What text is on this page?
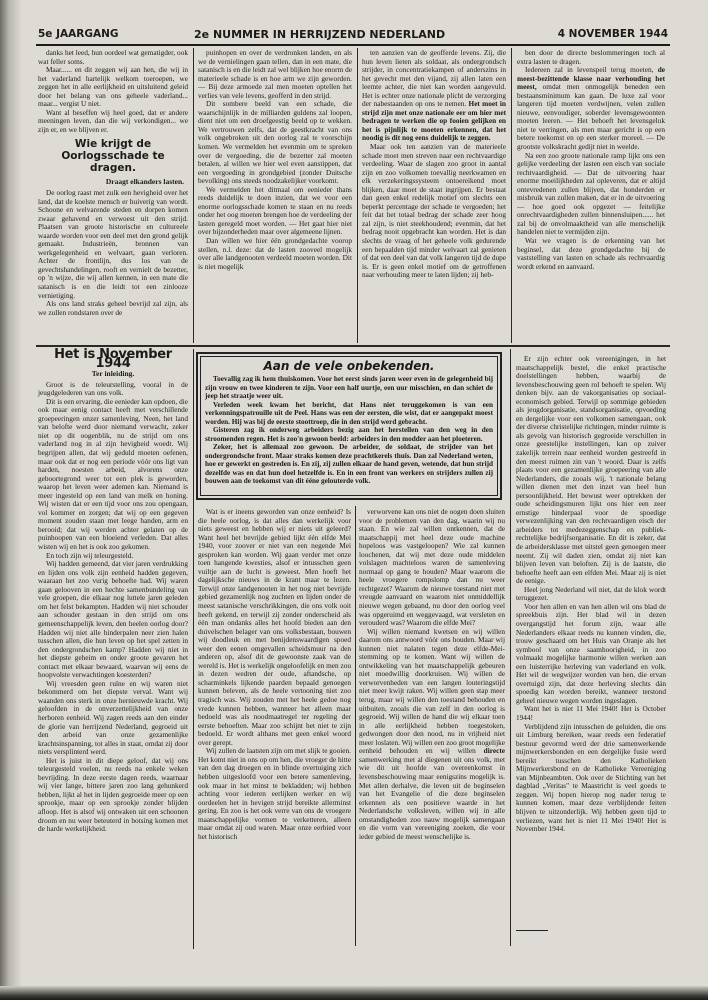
5e JAARGANG	2e NUMMER IN HERRIJZEND NEDERLAND	4 NOVEMBER 1944

danks het leed, hun oordeel wat gematigder, ook wat feller soms.

Maar...... en dit zeggen wij aan hen, die wij in het vaderland hartelijk welkom toeroepen, we zeggen het in alle eerlijkheid en uitsluitend geleid door het belang van ons geheele vaderland... maar... vergist U niet.

Want al beseffen wij heel goed, dat er andere meeningen leven, dan die wij verkondigen... we zijn er, en we blijven er.

Wie krijgt de Oorlogsschade te dragen.
Draagt elkanders lasten.

De oorlog raast met zulk een hevigheid over het land, dat de koelste mensch er huiverig van wordt. Schoone en welvarende steden en dorpen komen zwaar gehavend en verwoest uit den strijd. Plaatsen van groote historische en cultureele waarde worden voor een deel met den grond gelijk gemaakt. Industrieën, bronnen van werkgelegenheid en welvaart, gaan verloren. Achter de frontlijn, dus los van de gevechtshandelingen, rooft en vernielt de bezetter, op 'n wijze, die wij allen kennen, in een mate die satanisch is en die leidt tot een zinlooze vernietiging.

Als ons land straks geheel bevrijd zal zijn, als we zullen rondstaren over de

puinhopen en over de verdronken landen, en als we de vernielingen gaan tellen, dan in een mate, die satanisch is en die leidt zal wel blijken hoe enorm de materieele schade is en hoe arm we zijn geworden. — Bij deze armoede zal men moeten optellen het verlies van vele levens, geofferd in den strijd.

Dit sombere beeld van een schade, die waarschijnlijk in de milliarden guldens zal loopen, dient niet om een droefgeestig beeld op te wekken. We vertrouwen zelfs, dat de geestkracht van ons volk ongebroken uit den oorlog zal te voorschijn komen. We vermelden het evenmin om te spreken over de vergoeding, die de bezetter zal moeten betalen, al willen we hier wel even aanstippen, dat een vergoeding in grondgebied (zonder Duitsche bevolking) ons steeds noodzakelijker voorkomt.

We vermelden het ditmaal om eenieder thans reeds duidelijk te doen inzien, dat we voor een enorme oorlogsschade komen te staan en nu reeds onder het oog moeten brengen hoe de verdeeling der lasten geregeld moet worden. — Het gaat hier niet over bijzonderheden maar over algemeene lijnen.

Dan willen we hier één grondgedachte voorop stellen, n.l. deze: dat de lasten zooveel mogelijk over alle landgenooten verdeeld moeten worden. Dit is niet mogelijk

ten aanzien van de geofferde levens. Zij, die hun leven lieten als soldaat, als ondergrondsch strijder, in concentratiekampen of anderszins in het gevecht met den vijand, zij allen laten een leemte achter, die niet kan worden aangevuld. Het is echter onze nationale plicht de verzorging der nabestaanden op ons te nemen. Het moet in strijd zijn met onze nationale eer om hier met bedragen te werken die op fooien gelijken en het is pijnlijk te moeten erkennen, dat het noodig is dit nog eens duidelijk te zeggen.

Maar ook ten aanzien van de materieele schade moet men streven naar een rechtvaardige verdeeling. Waar de slagen zoo groot in aantal zijn en zoo volkomen toevallig neerkwamen en elk verzekeringssysteem ontoereikend moet blijken, daar moet de staat ingrijpen. Er bestaat dan geen enkel redelijk motief om slechts een beperkt percentage der schade te vergoeden; het feit dat het totaal bedrag der schade zeer hoog zal zijn, is niet steekhoudend; evenmin, dat het bedrag nooit opgebracht kan worden. Het is dan slechts de vraag of het geheele volk gedurende een bepaalden tijd minder welvaart zal genieten of dat een deel van dat volk langeren tijd de dupe is. Er is geen enkel motief om de getroffenen naar verhouding meer te laten lijden; zij heb-

ben door de directe beslommeringen toch al extra lasten te dragen.

Iedereen zal in levenspeil terug moeten, de meest-bezittende klasse naar verhouding het meest, omdat men onmogelijk beneden een bestaansminimum kan gaan. De luxe zal voor langeren tijd moeten verdwijnen, velen zullen nieuwe, eenvoudiger, soberder levensgewoonten moeten leeren. — Het behoeft het levensgeluk niet te verringen, als men maar gericht is op een betere toekomst en op een sterker moreel. — De grootste volkskracht gedijt niet in weelde.

Na een zoo groote nationale ramp lijkt ons een gelijke verdeeling der lasten een eisch van sociale rechtvaardigheid. — Dat de uitvoering haar enorme moeilijkheden zal opleveren, dat er altijd ontevredenen zullen blijven, dat honderden er misbruik van zullen maken, dat er in de uitvoering — hoe goed ook opgezet — feitelijke onrechtvaardigheden zullen binnensluipen...... het zal bij de onvolmaaktheid van alle menschelijk handelen niet te vermijden zijn.

Wat we vragen is de erkenning van het beginsel, dat deze grondgedachte bij de vaststelling van lasten en schade als rechtvaardig wordt erkend en aanvaard.

Het is November 1944
Ter inleiding.

Groot is de teleurstelling, vooral in de jeugdgelederen van ons volk.

Dit is een ervaring, die eenieder kan opdoen, die ook maar eenig contact heeft met verschillende groepeeringen onzer samenleving. Neen, het land van belofte werd door niemand verwacht, zeker niet op dit oogenblik, nu de strijd om ons vaderland nog in al zijn hevigheid woedt. Wij begrijpen allen, dat wij geduld moeten oefenen, maar ook dat er nog een periode vóór ons ligt van harden, noesten arbeid, alvorens onze geboortegrond weer tot een plek is geworden, waarop het leven weer ademen kan. Niemand is meer ingesteld op een land van melk en honing. Wij wisten dat er een tijd voor ons zou opengaan, vol kommer en zorgen; dat wij op een gegeven moment zouden staan met leege handen, arm en berooid; dat wij werden achter gelaten op de puinhoopen van een bloeiend verleden. Dat alles wisten wij en het is ook zoo gekomen.

En toch zijn wij teleurgesteld.

Wij hadden gemeend, dat vier jaren verdrukking en lijden ons volk zijn eenheid hadden gegeven, waaraan het zoo vurig behoefte had. Wij waren gaan gelooven in een hechte samenbundeling van vele groepen, die elkaar nog luttele jaren geleden om het felst bekampten. Hadden wij niet schouder aan schouder gestaan in den strijd om ons gemeenschappelijk leven, den heelen oorlog door? Hadden wij niet alle hinderpalen neer zien halen tusschen allen, die hun leven op het spel zetten in den ondergrondschen kamp? Hadden wij niet in het diepste geheim en onder groote gevaren het contact met elkaar bewaard, waarvan wij eens de hoopvolste verwachtingen koesterden?

Wij vreesden geen ruïne en wij waren niet bekommerd om het diepste verval. Want wij waanden ons sterk in onze hernieuwde kracht. Wij geloofden in de onverzettelijkheid van onze herboren eenheid. Wij zagen reeds aan den einder de glorie van herrijzend Nederland, gegroeid uit den arbeid van onze gezamenlijke krachtsinspanning, tot alles in staat, omdat zij door niets versplinterd werd.

Het is juist in dit diepe geloof, dat wij ons teleurgesteld voelen, nu reeds na enkele weken bevrijding. In deze eerste dagen reeds, waarnaar wij vier lange, bittere jaren zoo lang gehunkerd hebben, lijkt al het in lijden gegroeide meer op een sprookje, maar op een sprookje zonder blijden afloop. Het is alsof wij ontwaken uit een schoonen droom en nu weer beteuterd in botsing komen met de harde werkelijkheid.

Aan de vele onbekenden.

Toevallig zag ik hem thuiskomen. Voor het eerst sinds jaren weer even in de gelegenheid bij zijn vrouw en twee kinderen te zijn. Voor een half uurtje, een uur misschien, en dan schiet de jeep het straatje weer uit.

Verleden week kwam het bericht, dat Hans niet teruggekomen is van een verkenningspatrouille uit de Peel. Hans was een der eersten, die wist, dat er aangepakt moest worden. Hij was bij de eerste stoottroep, die in den strijd werd gebracht.

Gisteren zag ik onderweg arbeiders bezig aan het herstellen van den weg in den stroomenden regen. Het is zoo'n gewoon beeld: arbeiders in den modder aan het ploeteren.

Zeker, het is allemaal zoo gewoon. De arbeider, de soldaat, de strijder van het ondergrondsche front. Maar straks komen deze prachtkerels thuis. Dan zal Nederland weten, hoe er gewerkt en gestreden is. En zij, zij zullen elkaar de hand geven, wetende, dat hun strijd dezelfde was en dat hun doel hetzelfde is. En in een front van werkers en strijders zullen zij bouwen aan de toekomst van dit ééne gelouterde volk.

Wat is er ineens geworden van onze eenheid? Is die heele oorlog, is dat alles dan werkelijk voor niets geweest en hebben wij er niets uit geleerd? Want heel het bevrijde gebied lijkt één elfde Mei 1940, voor zoover er niet van een negende Mei gesproken kan worden. Wij gaan verder met onze toen hangende kwesties, alsof er intusschen geen vuiltje aan de lucht is geweest. Men hoeft het dagelijksche nieuws in de krant maar te lezen. Terwijl onze landgenooten in het nog niet bevrijde gebied gezamenlijk nog zuchten en lijden onder de meest satanische verschrikkingen, die ons volk ooit heeft gekend, en terwijl zij zonder onderscheid als één man ondanks alles het hoofd bieden aan den duivelschen belager van ons volksbestaan, bouwen wij doodleuk en met benijdenswaardigen spoed weer den eenen omgevallen scheidsmuur na den anderen op, alsof dit de gewoonste zaak van de wereld is. Het is werkelijk ongeloofelijk en men zou in dezen wedren der oude, aftandsche, op scharminkels lijkende paarden bepaald genoegen kunnen beleven, als de heele vertooning niet zoo tragisch was. Wij zouden met het heele gedoe nog vrede kunnen hebben, wanneer het alleen maar bedoeld was als noodmaatregel ter regeling der eerste behoeften. Maar zoo schijnt het niet te zijn bedoeld. Er wordt althans met geen enkel woord over gerept.

Wij zullen de laatsten zijn om met slijk te gooien. Het komt niet in ons op om hen, die vroeger de hitte van den dag droegen en in blinde overtuiging zich hebben uitgesloofd voor een betere samenleving, ook maar in het minst te bekladden; wij hebben achting voor iederen eerlijken werker en wij oordeelen het in hevigen strijd bereikte allerminst gering. En zoo is het ook verre van ons de vroegere maatschappelijke vormen te verketteren, alleen maar omdat zij oud waren. Maar onze eerbied voor het historisch

verworvene kan ons niet de oogen doen sluiten voor de problemen van den dag, waarin wij nu staan. En wie zal willen ontkennen, dat de maatschappij met heel deze oude machine hopeloos was vastgeloopen? Wie zal kunnen loochenen, dat wij met deze oude middelen volslagen machteloos waren de samenleving normaal op gang te houden? Maar waarom die heele vroegere rompslomp dan nu weer rechtgezet? Waarom de nieuwe toestand niet met vreugde aanvaard en waarom niet onmiddellijk nieuwe wegen gebaand, nu door den oorlog veel was opgeruimd en weggevaagd, wat versleten en verouderd was? Waarom die elfde Mei?

Wij willen niemand kwetsen en wij willen daarom ons antwoord vóór ons houden. Maar wij kunnen niet nalaten tegen deze elfde-Mei-stemming op te komen. Want wij willen de ontwikkeling van het maatschappelijk gebeuren niet moedwillig doorkruisen. Wij willen de verworvenheden van een langen louteringstijd niet meer kwijt raken. Wij willen geen stap meer terug, maar wij willen den toestand behouden en uitbuiten, zooals die van zelf in den oorlog is gegroeid. Wij willen de hand die wij elkaar toen in alle eerlijkheid hebben toegestoken, gedwongen door den nood, nu in vrijheid niet meer loslaten. Wij willen een zoo groot mogelijke eenheid behouden en wij willen directe samenwerking met al diegenen uit ons volk, met wie dit uit hoofde van overeenkomst in levensbeschouwing maar eenigszins mogelijk is. Met allen derhalve, die leven uit de beginselen van het Evangelie of die deze beginselen erkennen als een positieve waarde in het Nederlandsche volksleven, willen wij in alle omstandigheden zoo nauw mogelijk samengaan en die vorm van vereeniging zoeken, die voor ieder gebied de meest wenschelijke is.

Er zijn echter ook vereenigingen, in het maatschappelijk bestel, die enkel practische doelstellingen hebben, waarbij de levensbeschouwing geen rol behoeft te spelen. Wij denken bijv. aan de vakorganisaties op sociaal-economisch gebied. Terwijl op sommige gebieden als jeugdorganisatie, standsorganisatie, opvoeding en dergelijke voor een volkomen samengaan, ook der diverse christelijke richtingen, minder ruimte is als gevolg van historisch gegroeide verschillen in onze geestelijke instellingen, kan op zuiver zakelijk terrein naar eenheid worden gestreefd in den meest ruimen zin van 't woord. Daar is zelfs plaats voor een gezamenlijke groepeering van alle Nederlanders, die zooals wij, 't nationale belang willen dienen met den inzet van heel hun persoonlijkheid. Het bewust weer optrekken der oude scheidingsmuren lijkt ons hier een zeer ernstige hinderpaal voor de spoedige verwezenlijking van den rechtvaardigen eisch der arbeiders tot medezeggenschap en publiek-rechtelijke bedrijfsorganisatie. En dit is zeker, dat de arbeidersklasse met uitstel geen genoegen meer neemt. Zij wil daden zien, omdat zij niet kan blijven leven van beloften. Zij is de laatste, die behoefte heeft aan een elfden Mei. Maar zij is niet de eenige.

Heel jong Nederland wil niet, dat de klok wordt teruggezet.

Voor hen allen en van hen allen wil ons blad de spreekbuis zijn. Het blad wil in dezen overgangstijd het forum zijn, waar alle Nederlanders elkaar reeds nu kunnen vinden, die, trouw geschaard om het Huis van Oranje als het symbool van onze saamhoorigheid, in zoo volmaakt mogelijke harmonie willen werken aan een luisterrijke herleving van vaderland en volk. Het wil de wegwijzer worden van hen, die ervan overtuigd zijn, dat deze herleving slechts dán spoedig kan worden bereikt, wanneer terstond geheel nieuwe wegen worden ingeslagen.

Want het is niet 11 Mei 1940! Het is October 1944!

Verblijdend zijn intusschen de geluiden, die ons uit Limburg bereiken, waar reeds een federatief bestuur gevormd werd der drie samenwerkende mijnwerkersbonden en een dergelijke fusie werd bereikt tusschen den Katholieken Mijnwerkersbond en de Katholieke Vereeniging van Mijnbeambten. Ook over de Stichting van het dagblad „Veritas" te Maastricht is veel goeds te zeggen. Wij hopen hierop nog nader terug te kunnen komen, maar deze verblijdende feiten blijven te uitzonderlijk. Wij hebben geen tijd te verliezen, want het is niet 11 Mei 1940! Het is November 1944.
